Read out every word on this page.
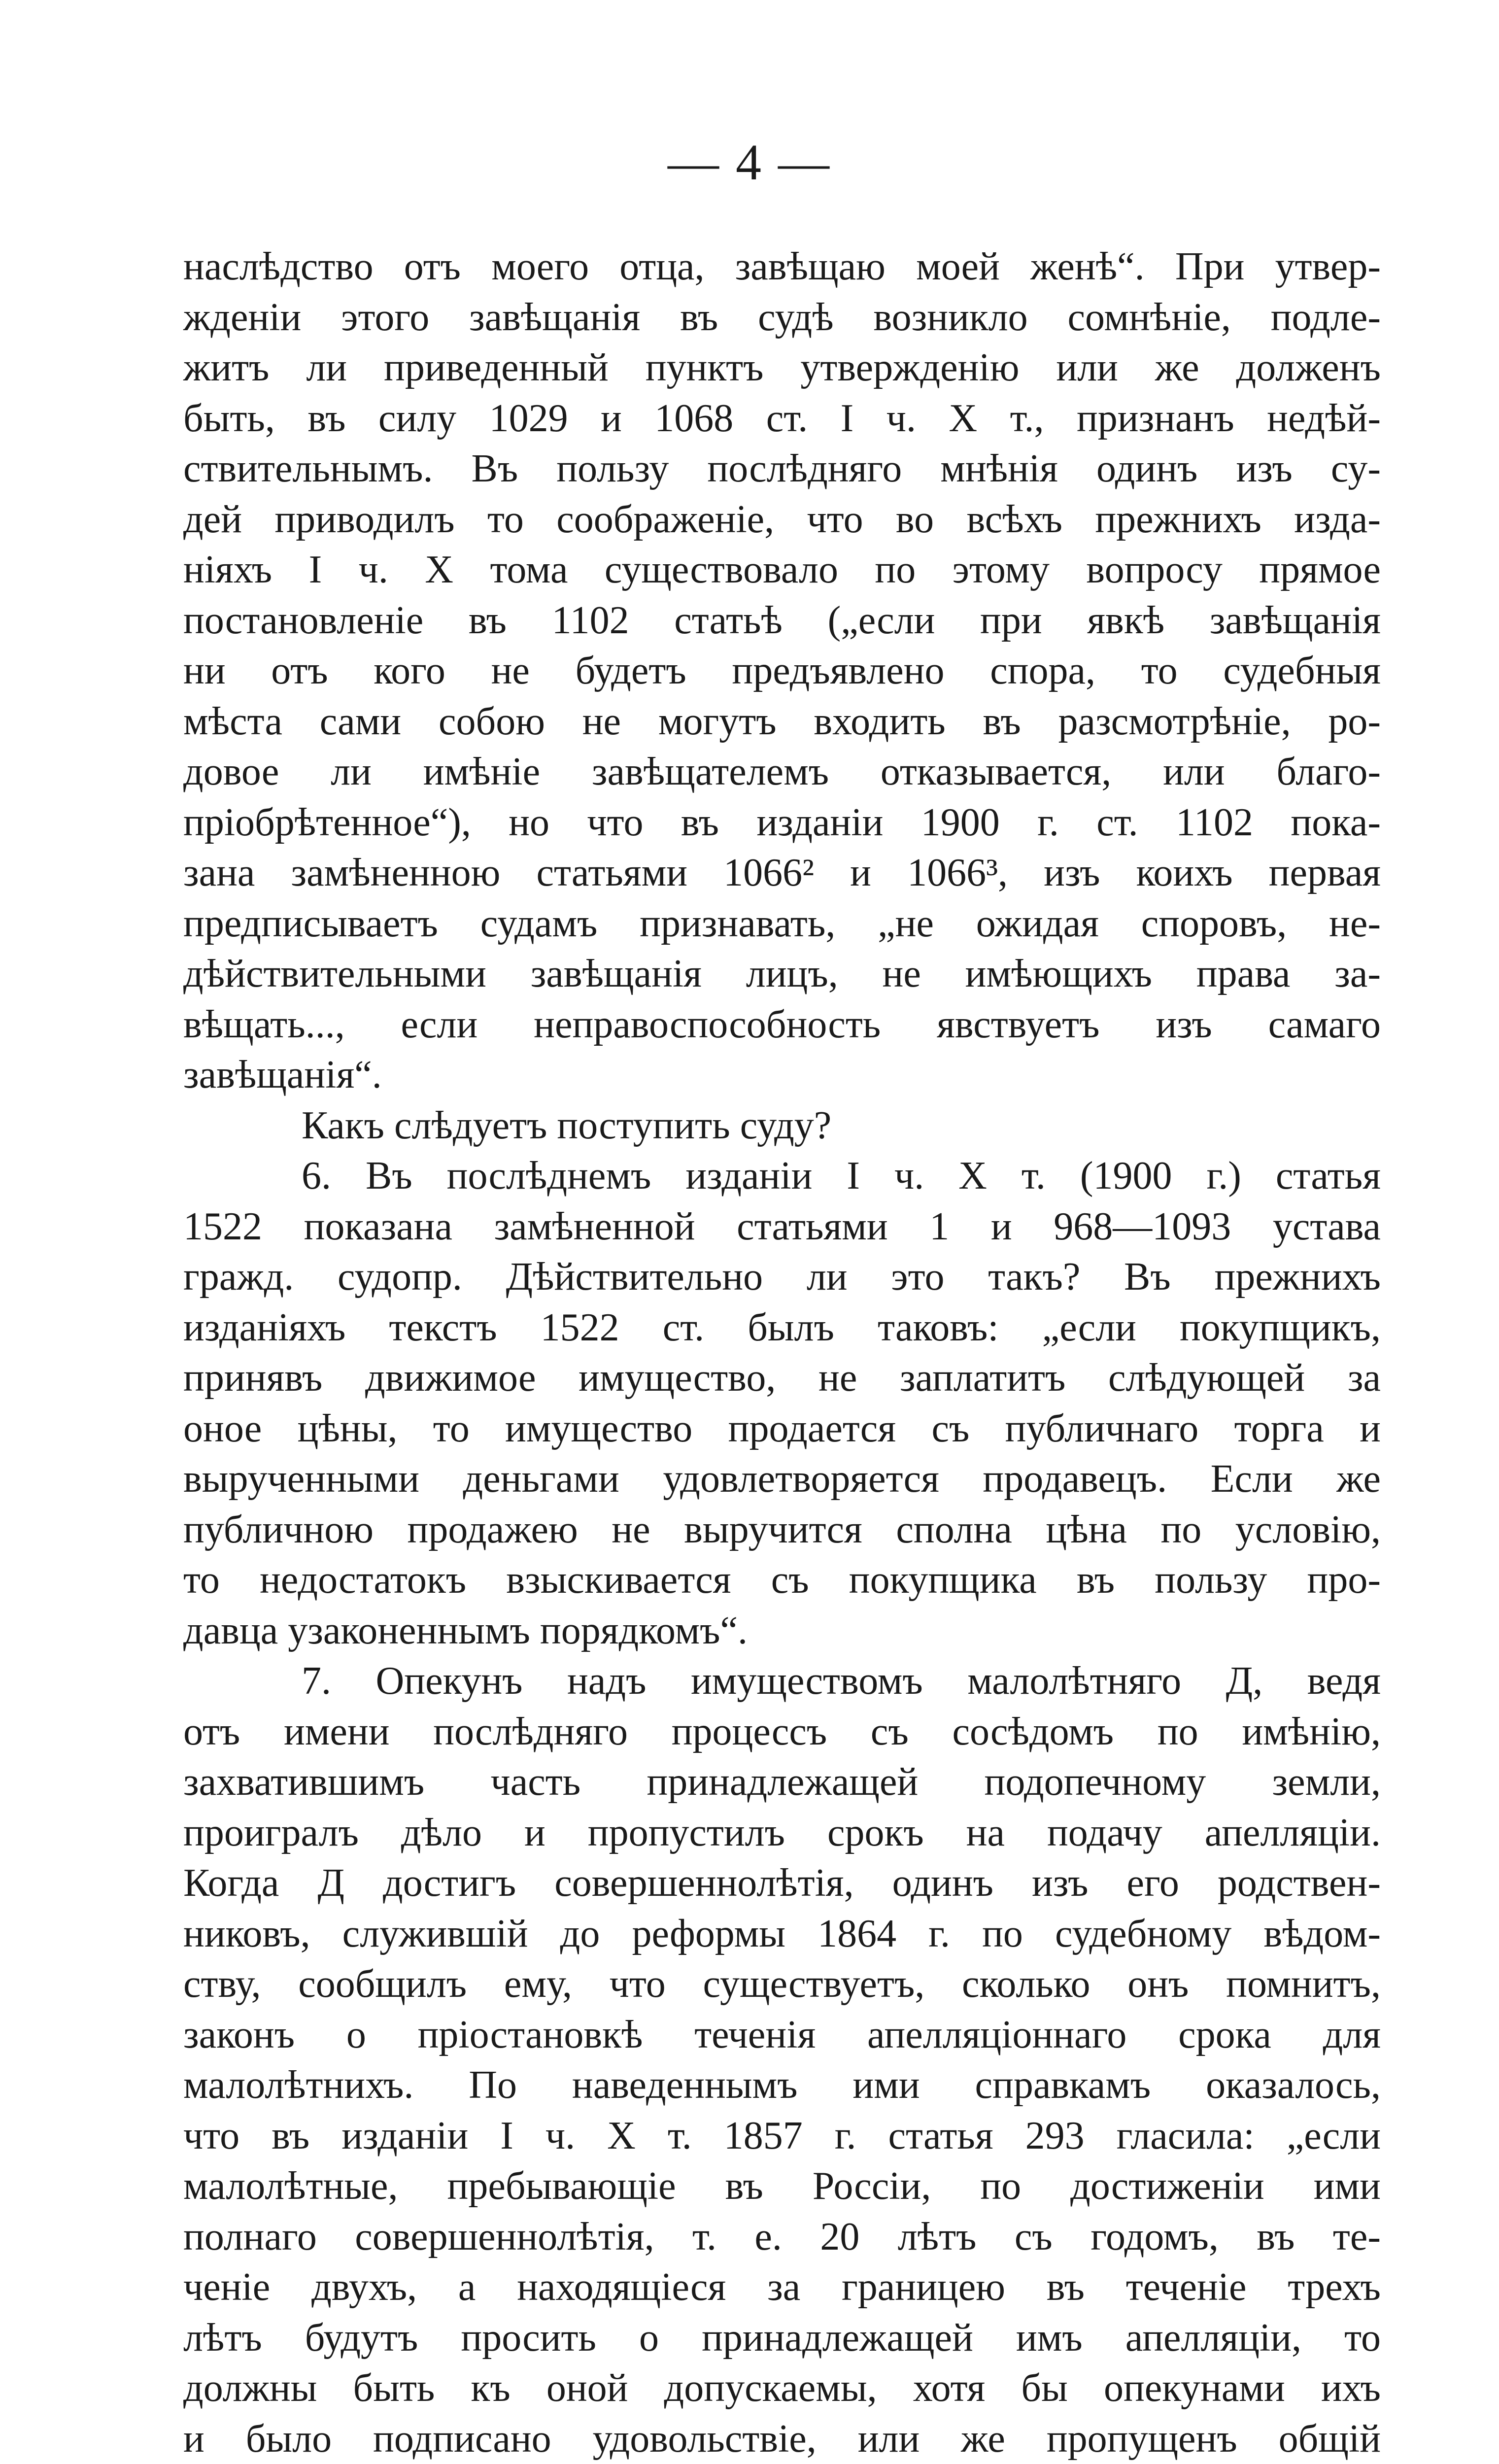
— 4 —
наслѣдство отъ моего отца, завѣщаю моей женѣ“. При утвер-
жденіи этого завѣщанія въ судѣ возникло сомнѣніе, подле-
житъ ли приведенный пунктъ утвержденію или же долженъ
быть, въ силу 1029 и 1068 ст. I ч. X т., признанъ недѣй-
ствительнымъ. Въ пользу послѣдняго мнѣнія одинъ изъ су-
дей приводилъ то соображеніе, что во всѣхъ прежнихъ изда-
ніяхъ I ч. X тома существовало по этому вопросу прямое
постановленіе въ 1102 статьѣ („если при явкѣ завѣщанія
ни отъ кого не будетъ предъявлено спора, то судебныя
мѣста сами собою не могутъ входить въ разсмотрѣніе, ро-
довое ли имѣніе завѣщателемъ отказывается, или благо-
пріобрѣтенное“), но что въ изданіи 1900 г. ст. 1102 пока-
зана замѣненною статьями 1066² и 1066³, изъ коихъ первая
предписываетъ судамъ признавать, „не ожидая споровъ, не-
дѣйствительными завѣщанія лицъ, не имѣющихъ права за-
вѣщать..., если неправоспособность явствуетъ изъ самаго
завѣщанія“.
Какъ слѣдуетъ поступить суду?
6. Въ послѣднемъ изданіи I ч. X т. (1900 г.) статья
1522 показана замѣненной статьями 1 и 968—1093 устава
гражд. судопр. Дѣйствительно ли это такъ? Въ прежнихъ
изданіяхъ текстъ 1522 ст. былъ таковъ: „если покупщикъ,
принявъ движимое имущество, не заплатитъ слѣдующей за
оное цѣны, то имущество продается съ публичнаго торга и
вырученными деньгами удовлетворяется продавецъ. Если же
публичною продажею не выручится сполна цѣна по условію,
то недостатокъ взыскивается съ покупщика въ пользу про-
давца узаконеннымъ порядкомъ“.
7. Опекунъ надъ имуществомъ малолѣтняго Д, ведя
отъ имени послѣдняго процессъ съ сосѣдомъ по имѣнію,
захватившимъ часть принадлежащей подопечному земли,
проигралъ дѣло и пропустилъ срокъ на подачу апелляціи.
Когда Д достигъ совершеннолѣтія, одинъ изъ его родствен-
никовъ, служившій до реформы 1864 г. по судебному вѣдом-
ству, сообщилъ ему, что существуетъ, сколько онъ помнитъ,
законъ о пріостановкѣ теченія апелляціоннаго срока для
малолѣтнихъ. По наведеннымъ ими справкамъ оказалось,
что въ изданіи I ч. X т. 1857 г. статья 293 гласила: „если
малолѣтные, пребывающіе въ Россіи, по достиженіи ими
полнаго совершеннолѣтія, т. е. 20 лѣтъ съ годомъ, въ те-
ченіе двухъ, а находящіеся за границею въ теченіе трехъ
лѣтъ будутъ просить о принадлежащей имъ апелляціи, то
должны быть къ оной допускаемы, хотя бы опекунами ихъ
и было подписано удовольствіе, или же пропущенъ общій
